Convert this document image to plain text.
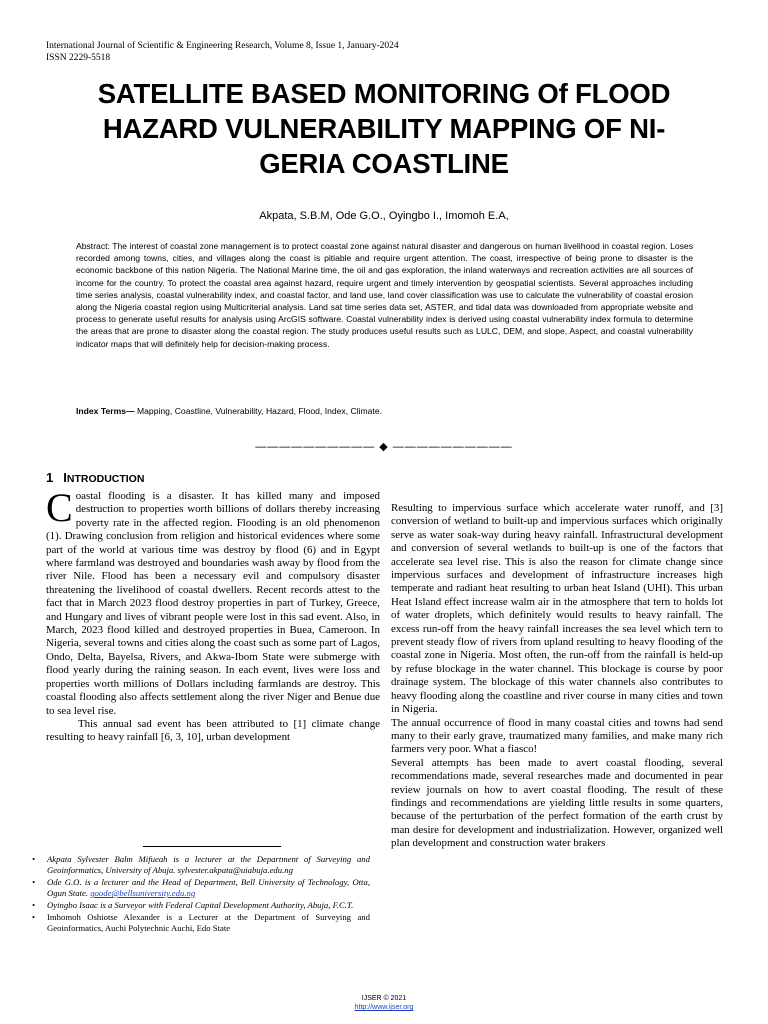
International Journal of Scientific & Engineering Research, Volume 8, Issue 1, January-2024
ISSN 2229-5518
SATELLITE BASED MONITORING Of FLOOD
HAZARD VULNERABILITY MAPPING OF NI-
GERIA COASTLINE
Akpata, S.B.M, Ode G.O., Oyingbo I., Imomoh E.A,
Abstract: The interest of coastal zone management is to protect coastal zone against natural disaster and dangerous on human livelihood in coastal region. Loses recorded among towns, cities, and villages along the coast is pitiable and require urgent attention. The coast, irrespective of being prone to disaster is the economic backbone of this nation Nigeria. The National Marine time, the oil and gas exploration, the inland waterways and recreation activities are all sources of income for the country. To protect the coastal area against hazard, require urgent and timely intervention by geospatial scientists. Several approaches including time series analysis, coastal vulnerability index, and coastal factor, and land use, land cover classification was use to calculate the vulnerability of coastal erosion along the Nigeria coastal region using Multicriterial analysis. Land sat time series data set, ASTER, and tidal data was downloaded from appropriate website and process to generate useful results for analysis using ArcGIS software. Coastal vulnerability index is derived using coastal vulnerability index formula to determine the areas that are prone to disaster along the coastal region. The study produces useful results such as LULC, DEM, and slope, Aspect, and coastal vulnerability indicator maps that will definitely help for decision-making process.
Index Terms— Mapping, Coastline, Vulnerability, Hazard, Flood, Index, Climate.
—————————— ◆ ——————————
1 INTRODUCTION

Coastal flooding is a disaster. It has killed many and imposed destruction to properties worth billions of dollars thereby increasing poverty rate in the affected region. Flooding is an old phenomenon (1). Drawing conclusion from religion and historical evidences where some part of the world at various time was destroy by flood (6) and in Egypt where farmland was destroyed and boundaries wash away by flood from the river Nile. Flood has been a necessary evil and compulsory disaster threatening the livelihood of coastal dwellers. Recent records attest to the fact that in March 2023 flood destroy properties in part of Turkey, Greece, and Hungary and lives of vibrant people were lost in this sad event. Also, in March, 2023 flood killed and destroyed properties in Buea, Cameroon. In Nigeria, several towns and cities along the coast such as some part of Lagos, Ondo, Delta, Bayelsa, Rivers, and Akwa-Ibom State were submerge with flood yearly during the raining season. In each event, lives were loss and properties worth millions of Dollars including farmlands are destroy. This coastal flooding also affects settlement along the river Niger and Benue due to sea level rise.

This annual sad event has been attributed to [1] climate change resulting to heavy rainfall [6, 3, 10], urban development

Resulting to impervious surface which accelerate water runoff, and [3] conversion of wetland to built-up and impervious surfaces which originally serve as water soak-way during heavy rainfall. Infrastructural development and conversion of several wetlands to built-up is one of the factors that accelerate sea level rise. This is also the reason for climate change since impervious surfaces and development of infrastructure increases high temperate and radiant heat resulting to urban heat Island (UHI). This urban Heat Island effect increase walm air in the atmosphere that tern to holds lot of water droplets, which definitely would results to heavy rainfall. The excess run-off from the heavy rainfall increases the sea level which tern to prevent steady flow of rivers from upland resulting to heavy flooding of the coastal zone in Nigeria. Most often, the run-off from the rainfall is held-up by refuse blockage in the water channel. This blockage is course by poor drainage system. The blockage of this water channels also contributes to heavy flooding along the coastline and river course in many cities and town in Nigeria.

The annual occurrence of flood in many coastal cities and towns had send many to their early grave, traumatized many families, and make many rich farmers very poor. What a fiasco!

Several attempts has been made to avert coastal flooding, several recommendations made, several researches made and documented in pear review journals on how to avert coastal flooding. The result of these findings and recommendations are yielding little results in some quarters, because of the perturbation of the perfect formation of the earth crust by man desire for development and industrialization. However, organized well plan development and construction water brakers

• Akpata Sylvester Balm Mifueah is a lecturer at the Department of Surveying and Geoinformatics, University of Abuja. sylvester.akpata@uiabuja.edu.ng
• Ode G.O. is a lecturer and the Head of Department, Bell University of Technology, Otta, Ogun State. goode@bellsuniversity.edu.ng
• Oyingbo Isaac is a Surveyor with Federal Capital Development Authority, Abuja, F.C.T.
• Imhomoh Oshiotse Alexander is a Lecturer at the Department of Surveying and Geoinformatics, Auchi Polytechnic Auchi, Edo State
IJSER © 2021
http://www.ijser.org
